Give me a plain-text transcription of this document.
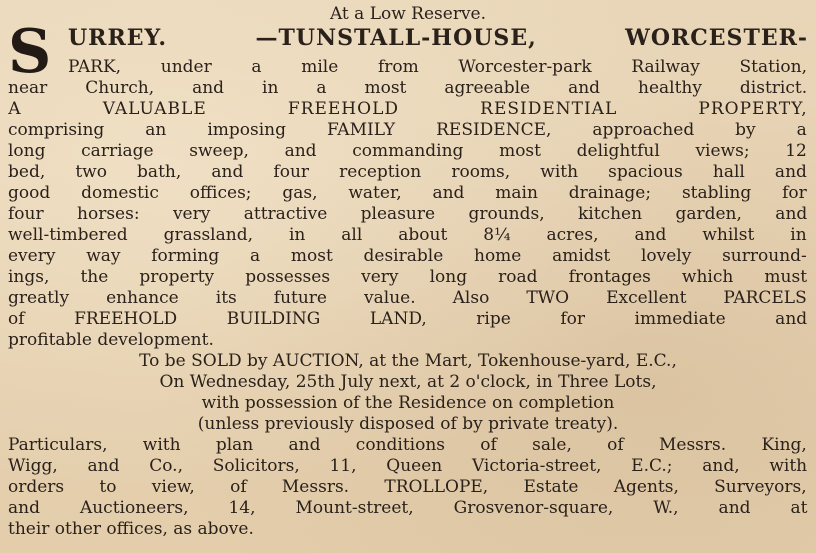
At a Low Reserve.
S URREY.	—TUNSTALL-HOUSE,	WORCESTER-
PARK, under a mile from Worcester-park Railway Station,
near Church, and in a most agreeable and healthy district.
A VALUABLE FREEHOLD RESIDENTIAL PROPERTY,
comprising an imposing FAMILY RESIDENCE, approached by a
long carriage sweep, and commanding most delightful views; 12
bed, two bath, and four reception rooms, with spacious hall and
good domestic offices; gas, water, and main drainage; stabling for
four horses: very attractive pleasure grounds, kitchen garden, and
well-timbered grassland, in all about 8¼ acres, and whilst in
every way forming a most desirable home amidst lovely surround-
ings, the property possesses very long road frontages which must
greatly enhance its future value. Also TWO Excellent PARCELS
of FREEHOLD BUILDING LAND, ripe for immediate and
profitable development.
To be SOLD by AUCTION, at the Mart, Tokenhouse-yard, E.C.,
On Wednesday, 25th July next, at 2 o'clock, in Three Lots,
with possession of the Residence on completion
(unless previously disposed of by private treaty).
Particulars, with plan and conditions of sale, of Messrs. King,
Wigg, and Co., Solicitors, 11, Queen Victoria-street, E.C.; and, with
orders to view, of Messrs. TROLLOPE, Estate Agents, Surveyors,
and Auctioneers, 14, Mount-street, Grosvenor-square, W., and at
their other offices, as above.
